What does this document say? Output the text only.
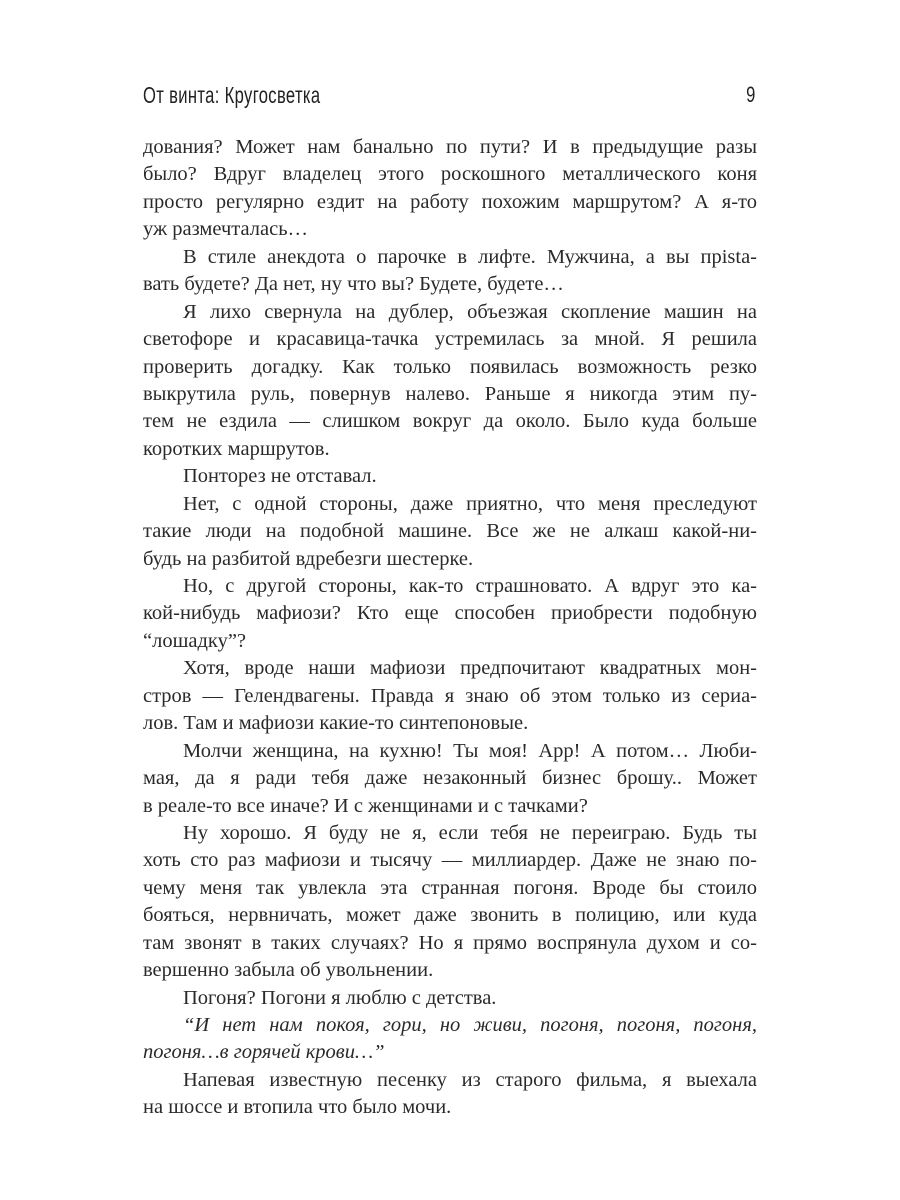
От винта: Кругосветка	9
дования? Может нам банально по пути? И в предыдущие разы
было? Вдруг владелец этого роскошного металлического коня
просто регулярно ездит на работу похожим маршрутом? А я-то
уж размечталась…
В стиле анекдота о парочке в лифте. Мужчина, а вы прista-
вать будете? Да нет, ну что вы? Будете, будете…
Я лихо свернула на дублер, объезжая скопление машин на
светофоре и красавица-тачка устремилась за мной. Я решила
проверить догадку. Как только появилась возможность резко
выкрутила руль, повернув налево. Раньше я никогда этим пу-
тем не ездила — слишком вокруг да около. Было куда больше
коротких маршрутов.
Понторез не отставал.
Нет, с одной стороны, даже приятно, что меня преследуют
такие люди на подобной машине. Все же не алкаш какой-ни-
будь на разбитой вдребезги шестерке.
Но, с другой стороны, как-то страшновато. А вдруг это ка-
кой-нибудь мафиози? Кто еще способен приобрести подобную
“лошадку”?
Хотя, вроде наши мафиози предпочитают квадратных мон-
стров — Гелендвагены. Правда я знаю об этом только из сериа-
лов. Там и мафиози какие-то синтепоновые.
Молчи женщина, на кухню! Ты моя! Арр! А потом… Люби-
мая, да я ради тебя даже незаконный бизнес брошу.. Может
в реале-то все иначе? И с женщинами и с тачками?
Ну хорошо. Я буду не я, если тебя не переиграю. Будь ты
хоть сто раз мафиози и тысячу — миллиардер. Даже не знаю по-
чему меня так увлекла эта странная погоня. Вроде бы стоило
бояться, нервничать, может даже звонить в полицию, или куда
там звонят в таких случаях? Но я прямо воспрянула духом и со-
вершенно забыла об увольнении.
Погоня? Погони я люблю с детства.
“И нет нам покоя, гори, но живи, погоня, погоня, погоня,
погоня…в горячей крови…”
Напевая известную песенку из старого фильма, я выехала
на шоссе и втопила что было мочи.
